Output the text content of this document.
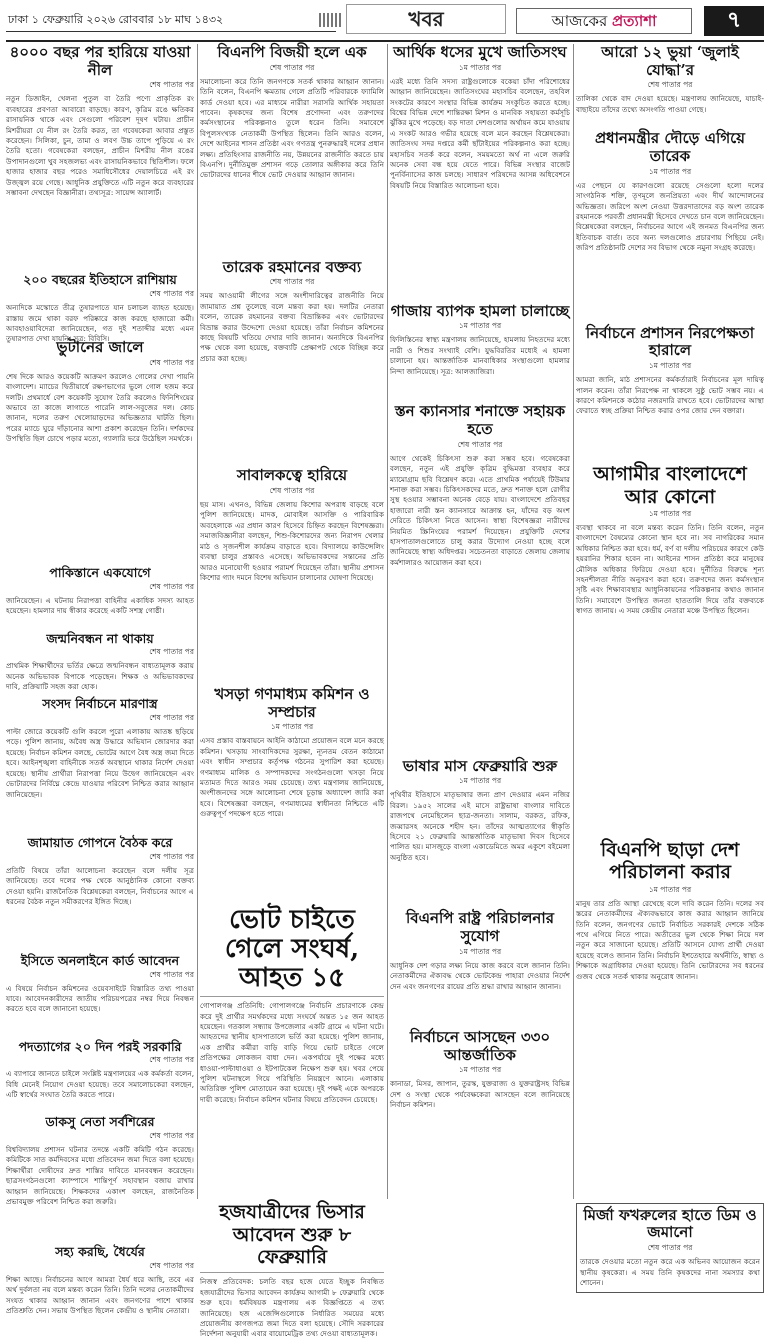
ঢাকা ১ ফেব্রুয়ারি ২০২৬ রোববার ১৮ মাঘ ১৪৩২	খবর	আজকের প্রত্যাশা	৭
৪০০০ বছর পর হারিয়ে যাওয়া নীল
শেষ পাতার পর
নতুন ডিজাইন, খেলনা পুতুল বা তৈরি পণ্যে প্রাকৃতিক রং ব্যবহারের প্রবণতা আবারো বাড়ছে। কারণ, কৃত্রিম রঙে ক্ষতিকর রাসায়নিক থাকে এবং সেগুলো পরিবেশ দূষণ ঘটায়। প্রাচীন মিশরীয়রা যে নীল রং তৈরি করত, তা গবেষকেরা আবার প্রস্তুত করেছেন। সিলিকা, চুন, তামা ও লবণ উচ্চ তাপে পুড়িয়ে এ রং তৈরি হতো। গবেষকেরা বলছেন, প্রাচীন মিশরীয় নীল রঙের উপাদানগুলো খুব সহজলভ্য এবং রাসায়নিকভাবে স্থিতিশীল। ফলে হাজার হাজার বছর পরেও সমাধিসৌধের দেয়ালচিত্রে এই রং উজ্জ্বল রয়ে গেছে। আধুনিক প্রযুক্তিতে এটি নতুন করে ব্যবহারের সম্ভাবনা দেখছেন বিজ্ঞানীরা। তথ্যসূত্র: সায়েন্স অ্যালার্ট।
২০০ বছরের ইতিহাসে রাশিয়ায়
শেষ পাতার পর
অন্যদিকে মস্কোতে তীব্র তুষারপাতে যান চলাচল ব্যাহত হয়েছে। রাস্তায় জমে থাকা বরফ পরিষ্কারে কাজ করছে হাজারো কর্মী। আবহাওয়াবিদেরা জানিয়েছেন, গত দুই শতাব্দীর মধ্যে এমন তুষারপাত দেখা যায়নি। সূত্র: বিবিসি।
ভুটানের জালে
শেষ পাতার পর
শেষ দিকে আরও কয়েকটি আক্রমণ করলেও গোলের দেখা পায়নি বাংলাদেশ। ম্যাচের দ্বিতীয়ার্ধে রক্ষণভাগের ভুলে গোল হজম করে দলটি। প্রথমার্ধে বেশ কয়েকটি সুযোগ তৈরি করলেও ফিনিশিংয়ের অভাবে তা কাজে লাগাতে পারেনি লাল-সবুজের দল। কোচ জানান, দলের তরুণ খেলোয়াড়দের অভিজ্ঞতার ঘাটতি ছিল। পরের ম্যাচে ঘুরে দাঁড়ানোর আশা প্রকাশ করেছেন তিনি। দর্শকদের উপস্থিতি ছিল চোখে পড়ার মতো, গ্যালারি ভরে উঠেছিল সমর্থকে।
পাকিস্তানে একযোগে
শেষ পাতার পর
জানিয়েছেন। এ ঘটনায় নিরাপত্তা বাহিনীর একাধিক সদস্য আহত হয়েছেন। হামলার দায় স্বীকার করেছে একটি সশস্ত্র গোষ্ঠী।
জন্মনিবন্ধন না থাকায়
শেষ পাতার পর
প্রাথমিক শিক্ষার্থীদের ভর্তির ক্ষেত্রে জন্মনিবন্ধন বাধ্যতামূলক করায় অনেক অভিভাবক বিপাকে পড়েছেন। শিক্ষক ও অভিভাবকদের দাবি, প্রক্রিয়াটি সহজ করা হোক।
সংসদ নির্বাচনে মারণাস্ত্র
শেষ পাতার পর
পাল্টা জোরে কয়েকটি গুলি করলে পুরো এলাকায় আতঙ্ক ছড়িয়ে পড়ে। পুলিশ জানায়, অবৈধ অস্ত্র উদ্ধারে অভিযান জোরদার করা হয়েছে। নির্বাচন কমিশন বলছে, ভোটের আগে বৈধ অস্ত্র জমা দিতে হবে। আইনশৃঙ্খলা বাহিনীকে সতর্ক অবস্থানে থাকার নির্দেশ দেওয়া হয়েছে। স্থানীয় প্রার্থীরা নিরাপত্তা নিয়ে উদ্বেগ জানিয়েছেন এবং ভোটারদের নির্বিঘ্নে কেন্দ্রে যাওয়ার পরিবেশ নিশ্চিত করার আহ্বান জানিয়েছেন।
জামায়াত গোপনে বৈঠক করে
শেষ পাতার পর
প্রতিটি বিষয়ে তাঁরা আলোচনা করেছেন বলে দলীয় সূত্র জানিয়েছে। তবে দলের পক্ষ থেকে আনুষ্ঠানিক কোনো বক্তব্য দেওয়া হয়নি। রাজনৈতিক বিশ্লেষকেরা বলছেন, নির্বাচনের আগে এ ধরনের বৈঠক নতুন সমীকরণের ইঙ্গিত দিচ্ছে।
ইসিতে অনলাইনে কার্ড আবেদন
শেষ পাতার পর
এ বিষয়ে নির্বাচন কমিশনের ওয়েবসাইটে বিস্তারিত তথ্য পাওয়া যাবে। আবেদনকারীদের জাতীয় পরিচয়পত্রের নম্বর দিয়ে নিবন্ধন করতে হবে বলে জানানো হয়েছে।
পদত্যাগের ২০ দিন পরই সরকারি
শেষ পাতার পর
এ ব্যাপারে জানতে চাইলে সংশ্লিষ্ট মন্ত্রণালয়ের এক কর্মকর্তা বলেন, বিধি মেনেই নিয়োগ দেওয়া হয়েছে। তবে সমালোচকেরা বলছেন, এটি স্বার্থের সংঘাত তৈরি করতে পারে।
ডাকসু নেতা সর্বশিরের
শেষ পাতার পর
বিশ্ববিদ্যালয় প্রশাসন ঘটনার তদন্তে একটি কমিটি গঠন করেছে। কমিটিকে সাত কর্মদিবসের মধ্যে প্রতিবেদন জমা দিতে বলা হয়েছে। শিক্ষার্থীরা দোষীদের দ্রুত শাস্তির দাবিতে মানববন্ধন করেছেন। ছাত্রসংগঠনগুলো ক্যাম্পাসে শান্তিপূর্ণ সহাবস্থান বজায় রাখার আহ্বান জানিয়েছে। শিক্ষকদের একাংশ বলছেন, রাজনৈতিক প্রভাবমুক্ত পরিবেশ নিশ্চিত করা জরুরি।
সহ্য করছি, ধৈর্যের
শেষ পাতার পর
শিক্ষা আছে। নির্বাচনের আগে আমরা ধৈর্য ধরে আছি, তবে এর অর্থ দুর্বলতা নয় বলে মন্তব্য করেন তিনি। তিনি দলের নেতাকর্মীদের সংযত থাকার আহ্বান জানান এবং জনগণের পাশে থাকার প্রতিশ্রুতি দেন। সভায় উপস্থিত ছিলেন কেন্দ্রীয় ও স্থানীয় নেতারা।
বিএনপি বিজয়ী হলে এক
শেষ পাতার পর
সমালোচনা করে তিনি জনগণকে সতর্ক থাকার আহ্বান জানান। তিনি বলেন, বিএনপি ক্ষমতায় গেলে প্রতিটি পরিবারকে ফ্যামিলি কার্ড দেওয়া হবে। এর মাধ্যমে নারীরা সরাসরি আর্থিক সহায়তা পাবেন। কৃষকদের জন্য বিশেষ প্রণোদনা এবং তরুণদের কর্মসংস্থানের পরিকল্পনাও তুলে ধরেন তিনি। সমাবেশে বিপুলসংখ্যক নেতাকর্মী উপস্থিত ছিলেন। তিনি আরও বলেন, দেশে আইনের শাসন প্রতিষ্ঠা এবং গণতন্ত্র পুনরুদ্ধারই দলের প্রধান লক্ষ্য। প্রতিহিংসার রাজনীতি নয়, উন্নয়নের রাজনীতি করতে চায় বিএনপি। দুর্নীতিমুক্ত প্রশাসন গড়ে তোলার অঙ্গীকার করে তিনি ভোটারদের ধানের শীষে ভোট দেওয়ার আহ্বান জানান।
তারেক রহমানের বক্তব্য
শেষ পাতার পর
সময় আওয়ামী লীগের সঙ্গে অংশীদারিত্বের রাজনীতি নিয়ে জামায়াত প্রশ্ন তুলেছে বলে মন্তব্য করা হয়। দলটির নেতারা বলেন, তারেক রহমানের বক্তব্য বিভ্রান্তিকর এবং ভোটারদের বিভ্রান্ত করার উদ্দেশ্যে দেওয়া হয়েছে। তাঁরা নির্বাচন কমিশনের কাছে বিষয়টি খতিয়ে দেখার দাবি জানান। অন্যদিকে বিএনপির পক্ষ থেকে বলা হয়েছে, বক্তব্যটি প্রেক্ষাপট থেকে বিচ্ছিন্ন করে প্রচার করা হচ্ছে।
সাবালকত্বে হারিয়ে
শেষ পাতার পর
ছয় মাস। এখনও, বিভিন্ন জেলায় কিশোর অপরাধ বাড়ছে বলে পুলিশ জানিয়েছে। মাদক, মোবাইল আসক্তি ও পারিবারিক অবহেলাকে এর প্রধান কারণ হিসেবে চিহ্নিত করছেন বিশেষজ্ঞরা। সমাজবিজ্ঞানীরা বলছেন, শিশু-কিশোরদের জন্য নিরাপদ খেলার মাঠ ও সৃজনশীল কার্যক্রম বাড়াতে হবে। বিদ্যালয়ে কাউন্সেলিং ব্যবস্থা চালুর প্রস্তাবও এসেছে। অভিভাবকদের সন্তানের প্রতি আরও মনোযোগী হওয়ার পরামর্শ দিয়েছেন তাঁরা। স্থানীয় প্রশাসন কিশোর গ্যাং দমনে বিশেষ অভিযান চালানোর ঘোষণা দিয়েছে।
খসড়া গণমাধ্যম কমিশন ও সম্প্রচার
১ম পাতার পর
এসব প্রস্তাব বাস্তবায়নে আইনি কাঠামো প্রয়োজন বলে মনে করছে কমিশন। খসড়ায় সাংবাদিকদের সুরক্ষা, ন্যূনতম বেতন কাঠামো এবং স্বাধীন সম্প্রচার কর্তৃপক্ষ গঠনের সুপারিশ করা হয়েছে। গণমাধ্যম মালিক ও সম্পাদকদের সংগঠনগুলো খসড়া নিয়ে মতামত দিতে আরও সময় চেয়েছে। তথ্য মন্ত্রণালয় জানিয়েছে, অংশীজনদের সঙ্গে আলোচনা শেষে চূড়ান্ত অধ্যাদেশ জারি করা হবে। বিশেষজ্ঞরা বলছেন, গণমাধ্যমের স্বাধীনতা নিশ্চিতে এটি গুরুত্বপূর্ণ পদক্ষেপ হতে পারে।
ভোট চাইতে গেলে সংঘর্ষ, আহত ১৫
গোপালগঞ্জ প্রতিনিধি: গোপালগঞ্জে নির্বাচনি প্রচারণাকে কেন্দ্র করে দুই প্রার্থীর সমর্থকদের মধ্যে সংঘর্ষে অন্তত ১৫ জন আহত হয়েছেন। গতকাল সন্ধ্যায় উপজেলার একটি গ্রামে এ ঘটনা ঘটে। আহতদের স্থানীয় হাসপাতালে ভর্তি করা হয়েছে। পুলিশ জানায়, এক প্রার্থীর কর্মীরা বাড়ি বাড়ি গিয়ে ভোট চাইতে গেলে প্রতিপক্ষের লোকজন বাধা দেন। একপর্যায়ে দুই পক্ষের মধ্যে ধাওয়া-পাল্টাধাওয়া ও ইটপাটকেল নিক্ষেপ শুরু হয়। খবর পেয়ে পুলিশ ঘটনাস্থলে গিয়ে পরিস্থিতি নিয়ন্ত্রণে আনে। এলাকায় অতিরিক্ত পুলিশ মোতায়েন করা হয়েছে। দুই পক্ষই একে অপরকে দায়ী করেছে। নির্বাচন কমিশন ঘটনার বিষয়ে প্রতিবেদন চেয়েছে।
হজযাত্রীদের ভিসার আবেদন শুরু ৮ ফেব্রুয়ারি
নিজস্ব প্রতিবেদক: চলতি বছর হজে যেতে ইচ্ছুক নিবন্ধিত হজযাত্রীদের ভিসার আবেদন কার্যক্রম আগামী ৮ ফেব্রুয়ারি থেকে শুরু হবে। ধর্মবিষয়ক মন্ত্রণালয় এক বিজ্ঞপ্তিতে এ তথ্য জানিয়েছে। হজ এজেন্সিগুলোকে নির্ধারিত সময়ের মধ্যে প্রয়োজনীয় কাগজপত্র জমা দিতে বলা হয়েছে। সৌদি সরকারের নির্দেশনা অনুযায়ী এবার বায়োমেট্রিক তথ্য দেওয়া বাধ্যতামূলক।
আর্থিক ধসের মুখে জাতিসংঘ
১ম পাতার পর
এরই মধ্যে তিনি সদস্য রাষ্ট্রগুলোকে বকেয়া চাঁদা পরিশোধের আহ্বান জানিয়েছেন। জাতিসংঘের মহাসচিব বলেছেন, তহবিল সংকটের কারণে সংস্থার বিভিন্ন কার্যক্রম সংকুচিত করতে হচ্ছে। বিশ্বের বিভিন্ন দেশে শান্তিরক্ষা মিশন ও মানবিক সহায়তা কর্মসূচি ঝুঁকির মুখে পড়েছে। বড় দাতা দেশগুলোর অর্থায়ন কমে যাওয়ায় এ সংকট আরও গভীর হয়েছে বলে মনে করছেন বিশ্লেষকেরা। জাতিসংঘ সদর দপ্তরে কর্মী ছাঁটাইয়ের পরিকল্পনাও করা হচ্ছে। মহাসচিব সতর্ক করে বলেন, সময়মতো অর্থ না এলে জরুরি অনেক সেবা বন্ধ হয়ে যেতে পারে। বিভিন্ন সংস্থার বাজেট পুনর্বিন্যাসের কাজ চলছে। সাধারণ পরিষদের আসন্ন অধিবেশনে বিষয়টি নিয়ে বিস্তারিত আলোচনা হবে।
গাজায় ব্যাপক হামলা চালাচ্ছে
১ম পাতার পর
ফিলিস্তিনের স্বাস্থ্য মন্ত্রণালয় জানিয়েছে, হামলায় নিহতদের মধ্যে নারী ও শিশুর সংখ্যাই বেশি। যুদ্ধবিরতির মধ্যেই এ হামলা চালানো হয়। আন্তর্জাতিক মানবাধিকার সংস্থাগুলো হামলার নিন্দা জানিয়েছে। সূত্র: আলজাজিরা।
স্তন ক্যানসার শনাক্তে সহায়ক হতে
শেষ পাতার পর
আগে থেকেই চিকিৎসা শুরু করা সম্ভব হবে। গবেষকেরা বলছেন, নতুন এই প্রযুক্তি কৃত্রিম বুদ্ধিমত্তা ব্যবহার করে ম্যামোগ্রাম ছবি বিশ্লেষণ করে। এতে প্রাথমিক পর্যায়েই টিউমার শনাক্ত করা সম্ভব। চিকিৎসকদের মতে, দ্রুত শনাক্ত হলে রোগীর সুস্থ হওয়ার সম্ভাবনা অনেক বেড়ে যায়। বাংলাদেশে প্রতিবছর হাজারো নারী স্তন ক্যানসারে আক্রান্ত হন, যাঁদের বড় অংশ দেরিতে চিকিৎসা নিতে আসেন। স্বাস্থ্য বিশেষজ্ঞরা নারীদের নিয়মিত স্ক্রিনিংয়ের পরামর্শ দিয়েছেন। প্রযুক্তিটি দেশের হাসপাতালগুলোতে চালু করার উদ্যোগ নেওয়া হচ্ছে বলে জানিয়েছে স্বাস্থ্য অধিদপ্তর। সচেতনতা বাড়াতে জেলায় জেলায় কর্মশালারও আয়োজন করা হবে।
ভাষার মাস ফেব্রুয়ারি শুরু
১ম পাতার পর
পৃথিবীর ইতিহাসে মাতৃভাষার জন্য প্রাণ দেওয়ার এমন নজির বিরল। ১৯৫২ সালের এই মাসে রাষ্ট্রভাষা বাংলার দাবিতে রাজপথে নেমেছিলেন ছাত্র-জনতা। সালাম, বরকত, রফিক, জব্বারসহ অনেকে শহীদ হন। তাঁদের আত্মত্যাগের স্বীকৃতি হিসেবে ২১ ফেব্রুয়ারি আন্তর্জাতিক মাতৃভাষা দিবস হিসেবে পালিত হয়। মাসজুড়ে বাংলা একাডেমিতে অমর একুশে বইমেলা অনুষ্ঠিত হবে।
বিএনপি রাষ্ট্র পরিচালনার সুযোগ
১ম পাতার পর
আধুনিক দেশ গড়ার লক্ষ্য নিয়ে কাজ করবে বলে জানান তিনি। নেতাকর্মীদের ঐক্যবদ্ধ থেকে ভোটকেন্দ্র পাহারা দেওয়ার নির্দেশ দেন এবং জনগণের রায়ের প্রতি শ্রদ্ধা রাখার আহ্বান জানান।
নির্বাচনে আসছেন ৩৩০ আন্তর্জাতিক
১ম পাতার পর
কানাডা, মিসর, জাপান, তুরস্ক, যুক্তরাজ্য ও যুক্তরাষ্ট্রসহ বিভিন্ন দেশ ও সংস্থা থেকে পর্যবেক্ষকেরা আসছেন বলে জানিয়েছে নির্বাচন কমিশন।
আরো ১২ ভুয়া ‘জুলাই যোদ্ধা’র
শেষ পাতার পর
তালিকা থেকে বাদ দেওয়া হয়েছে। মন্ত্রণালয় জানিয়েছে, যাচাই-বাছাইয়ে তাঁদের তথ্যে অসংগতি পাওয়া গেছে।
প্রধানমন্ত্রীর দৌড়ে এগিয়ে তারেক
১ম পাতার পর
এর পেছনে যে কারণগুলো রয়েছে সেগুলো হলো দলের সাংগঠনিক শক্তি, তৃণমূলে জনপ্রিয়তা এবং দীর্ঘ আন্দোলনের অভিজ্ঞতা। জরিপে অংশ নেওয়া উত্তরদাতাদের বড় অংশ তারেক রহমানকে পরবর্তী প্রধানমন্ত্রী হিসেবে দেখতে চান বলে জানিয়েছেন। বিশ্লেষকেরা বলছেন, নির্বাচনের আগে এই জনমত বিএনপির জন্য ইতিবাচক বার্তা। তবে অন্য দলগুলোও প্রচারণায় পিছিয়ে নেই। জরিপ প্রতিষ্ঠানটি দেশের সব বিভাগ থেকে নমুনা সংগ্রহ করেছে।
নির্বাচনে প্রশাসন নিরপেক্ষতা হারালে
১ম পাতার পর
আমরা জানি, মাঠ প্রশাসনের কর্মকর্তারাই নির্বাচনের মূল দায়িত্ব পালন করেন। তাঁরা নিরপেক্ষ না থাকলে সুষ্ঠু ভোট সম্ভব নয়। এ কারণে কমিশনকে কঠোর নজরদারি রাখতে হবে। ভোটারদের আস্থা ফেরাতে স্বচ্ছ প্রক্রিয়া নিশ্চিত করার ওপর জোর দেন বক্তারা।
আগামীর বাংলাদেশে আর কোনো
১ম পাতার পর
ব্যবস্থা থাকবে না বলে মন্তব্য করেন তিনি। তিনি বলেন, নতুন বাংলাদেশে বৈষম্যের কোনো স্থান হবে না। সব নাগরিকের সমান অধিকার নিশ্চিত করা হবে। ধর্ম, বর্ণ বা দলীয় পরিচয়ের কারণে কেউ হয়রানির শিকার হবেন না। আইনের শাসন প্রতিষ্ঠা করে মানুষের মৌলিক অধিকার ফিরিয়ে দেওয়া হবে। দুর্নীতির বিরুদ্ধে শূন্য সহনশীলতা নীতি অনুসরণ করা হবে। তরুণদের জন্য কর্মসংস্থান সৃষ্টি এবং শিক্ষাব্যবস্থার আধুনিকায়নের পরিকল্পনার কথাও জানান তিনি। সমাবেশে উপস্থিত জনতা হাততালি দিয়ে তাঁর বক্তব্যকে স্বাগত জানায়। এ সময় কেন্দ্রীয় নেতারা মঞ্চে উপস্থিত ছিলেন।
বিএনপি ছাড়া দেশ পরিচালনা করার
১ম পাতার পর
মানুষ তার প্রতি আস্থা রেখেছে বলে দাবি করেন তিনি। দলের সব স্তরের নেতাকর্মীদের ঐক্যবদ্ধভাবে কাজ করার আহ্বান জানিয়ে তিনি বলেন, জনগণের ভোটে নির্বাচিত সরকারই দেশকে সঠিক পথে এগিয়ে নিতে পারে। অতীতের ভুল থেকে শিক্ষা নিয়ে দল নতুন করে সাজানো হয়েছে। প্রতিটি আসনে যোগ্য প্রার্থী দেওয়া হয়েছে বলেও জানান তিনি। নির্বাচনি ইশতেহারে অর্থনীতি, স্বাস্থ্য ও শিক্ষাকে অগ্রাধিকার দেওয়া হয়েছে। তিনি ভোটারদের সব ধরনের গুজব থেকে সতর্ক থাকার অনুরোধ জানান।
মির্জা ফখরুলের হাতে ডিম ও জমানো
শেষ পাতার পর
তারকে দেওয়ার মতো নতুন করে এক অভিনব আয়োজন করেন স্থানীয় কৃষকেরা। এ সময় তিনি কৃষকদের নানা সমস্যার কথা শোনেন।
